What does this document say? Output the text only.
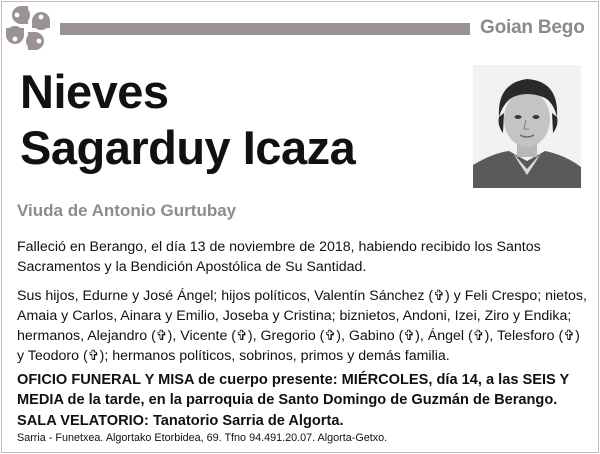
Goian Bego
Nieves
Sagarduy Icaza
Viuda de Antonio Gurtubay
Falleció en Berango, el día 13 de noviembre de 2018, habiendo recibido los Santos Sacramentos y la Bendición Apostólica de Su Santidad.
Sus hijos, Edurne y José Ángel; hijos políticos, Valentín Sánchez (✞) y Feli Crespo; nietos, Amaia y Carlos, Ainara y Emilio, Joseba y Cristina; biznietos, Andoni, Izei, Ziro y Endika; hermanos, Alejandro (✞), Vicente (✞), Gregorio (✞), Gabino (✞), Ángel (✞), Telesforo (✞) y Teodoro (✞); hermanos políticos, sobrinos, primos y demás familia.
OFICIO FUNERAL Y MISA de cuerpo presente: MIÉRCOLES, día 14, a las SEIS Y MEDIA de la tarde, en la parroquia de Santo Domingo de Guzmán de Berango.
SALA VELATORIO: Tanatorio Sarria de Algorta.
Sarria - Funetxea. Algortako Etorbidea, 69. Tfno 94.491.20.07. Algorta-Getxo.
